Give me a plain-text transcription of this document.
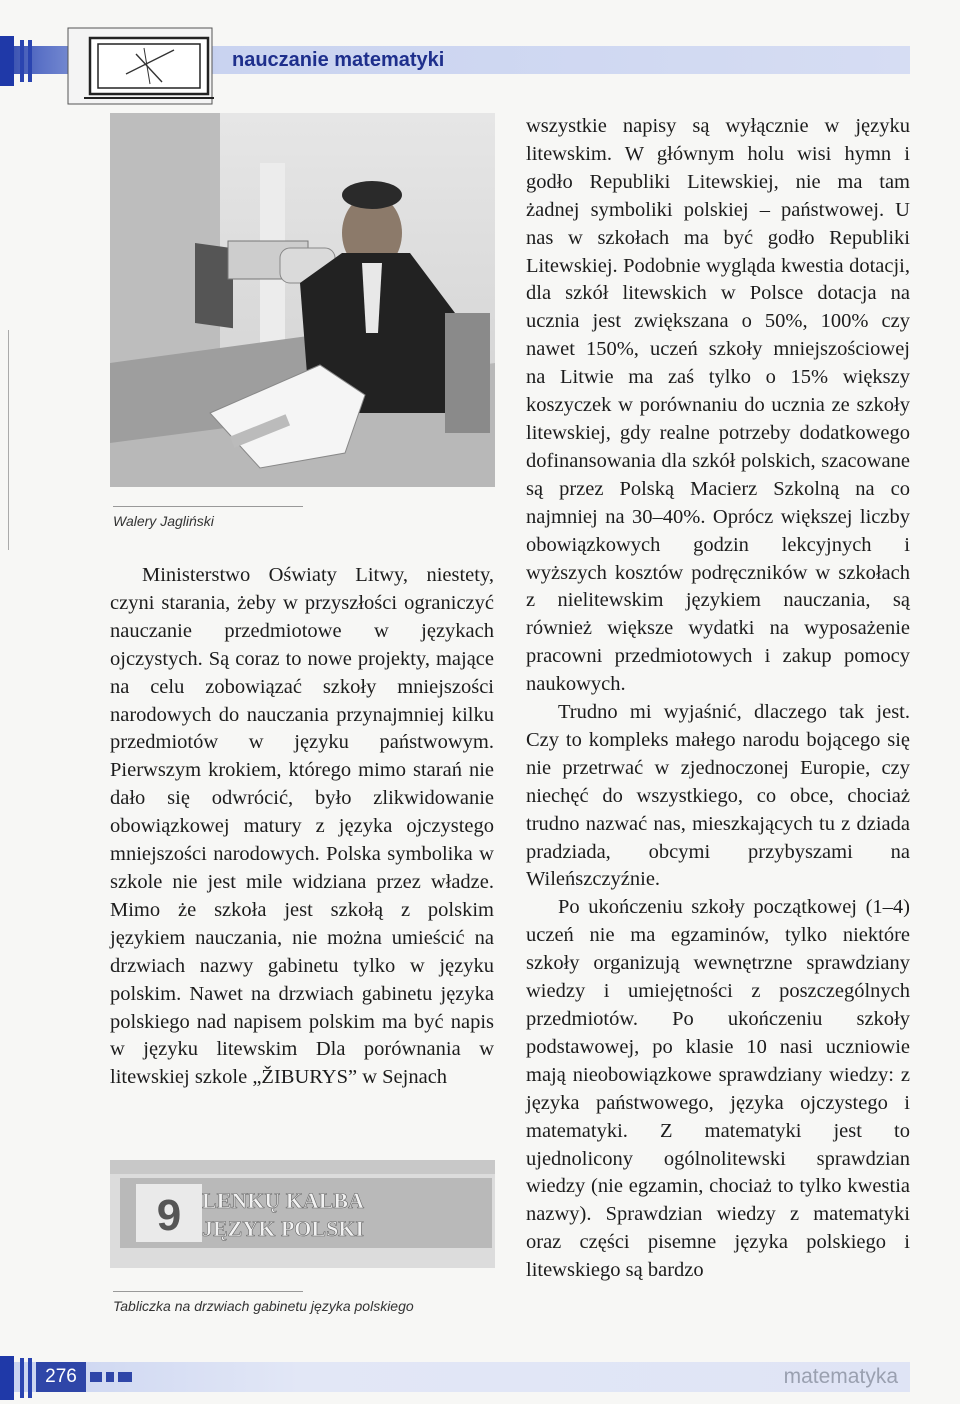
nauczanie matematyki
Walery Jagliński

Ministerstwo Oświaty Litwy, niestety, czyni starania, żeby w przyszłości ograniczyć nauczanie przedmiotowe w językach ojczystych. Są coraz to nowe projekty, mające na celu zobowiązać szkoły mniejszości narodowych do nauczania przynajmniej kilku przedmiotów w języku państwowym. Pierwszym krokiem, którego mimo starań nie dało się odwrócić, było zlikwidowanie obowiązkowej matury z języka ojczystego mniejszości narodowych. Polska symbolika w szkole nie jest mile widziana przez władze. Mimo że szkoła jest szkołą z polskim językiem nauczania, nie można umieścić na drzwiach nazwy gabinetu tylko w języku polskim. Nawet na drzwiach gabinetu języka polskiego nad napisem polskim ma być napis w języku litewskim Dla porównania w litewskiej szkole „ŽIBURYS” w Sejnach

9 LENKŲ KALBA
JĘZYK POLSKI
Tabliczka na drzwiach gabinetu języka polskiego

wszystkie napisy są wyłącznie w języku litewskim. W głównym holu wisi hymn i godło Republiki Litewskiej, nie ma tam żadnej symboliki polskiej – państwowej. U nas w szkołach ma być godło Republiki Litewskiej. Podobnie wygląda kwestia dotacji, dla szkół litewskich w Polsce dotacja na ucznia jest zwiększana o 50%, 100% czy nawet 150%, uczeń szkoły mniejszościowej na Litwie ma zaś tylko o 15% większy koszyczek w porównaniu do ucznia ze szkoły litewskiej, gdy realne potrzeby dodatkowego dofinansowania dla szkół polskich, szacowane są przez Polską Macierz Szkolną na co najmniej na 30–40%. Oprócz większej liczby obowiązkowych godzin lekcyjnych i wyższych kosztów podręczników w szkołach z nielitewskim językiem nauczania, są również większe wydatki na wyposażenie pracowni przedmiotowych i zakup pomocy naukowych.

Trudno mi wyjaśnić, dlaczego tak jest. Czy to kompleks małego narodu bojącego się nie przetrwać w zjednoczonej Europie, czy niechęć do wszystkiego, co obce, chociaż trudno nazwać nas, mieszkających tu z dziada pradziada, obcymi przybyszami na Wileńszczyźnie.

Po ukończeniu szkoły początkowej (1–4) uczeń nie ma egzaminów, tylko niektóre szkoły organizują wewnętrzne sprawdziany wiedzy i umiejętności z poszczególnych przedmiotów. Po ukończeniu szkoły podstawowej, po klasie 10 nasi uczniowie mają nieobowiązkowe sprawdziany wiedzy: z języka państwowego, języka ojczystego i matematyki. Z matematyki jest to ujednolicony ogólnolitewski sprawdzian wiedzy (nie egzamin, chociaż to tylko kwestia nazwy). Sprawdzian wiedzy z matematyki oraz części pisemne języka polskiego i litewskiego są bardzo

276	matematyka
